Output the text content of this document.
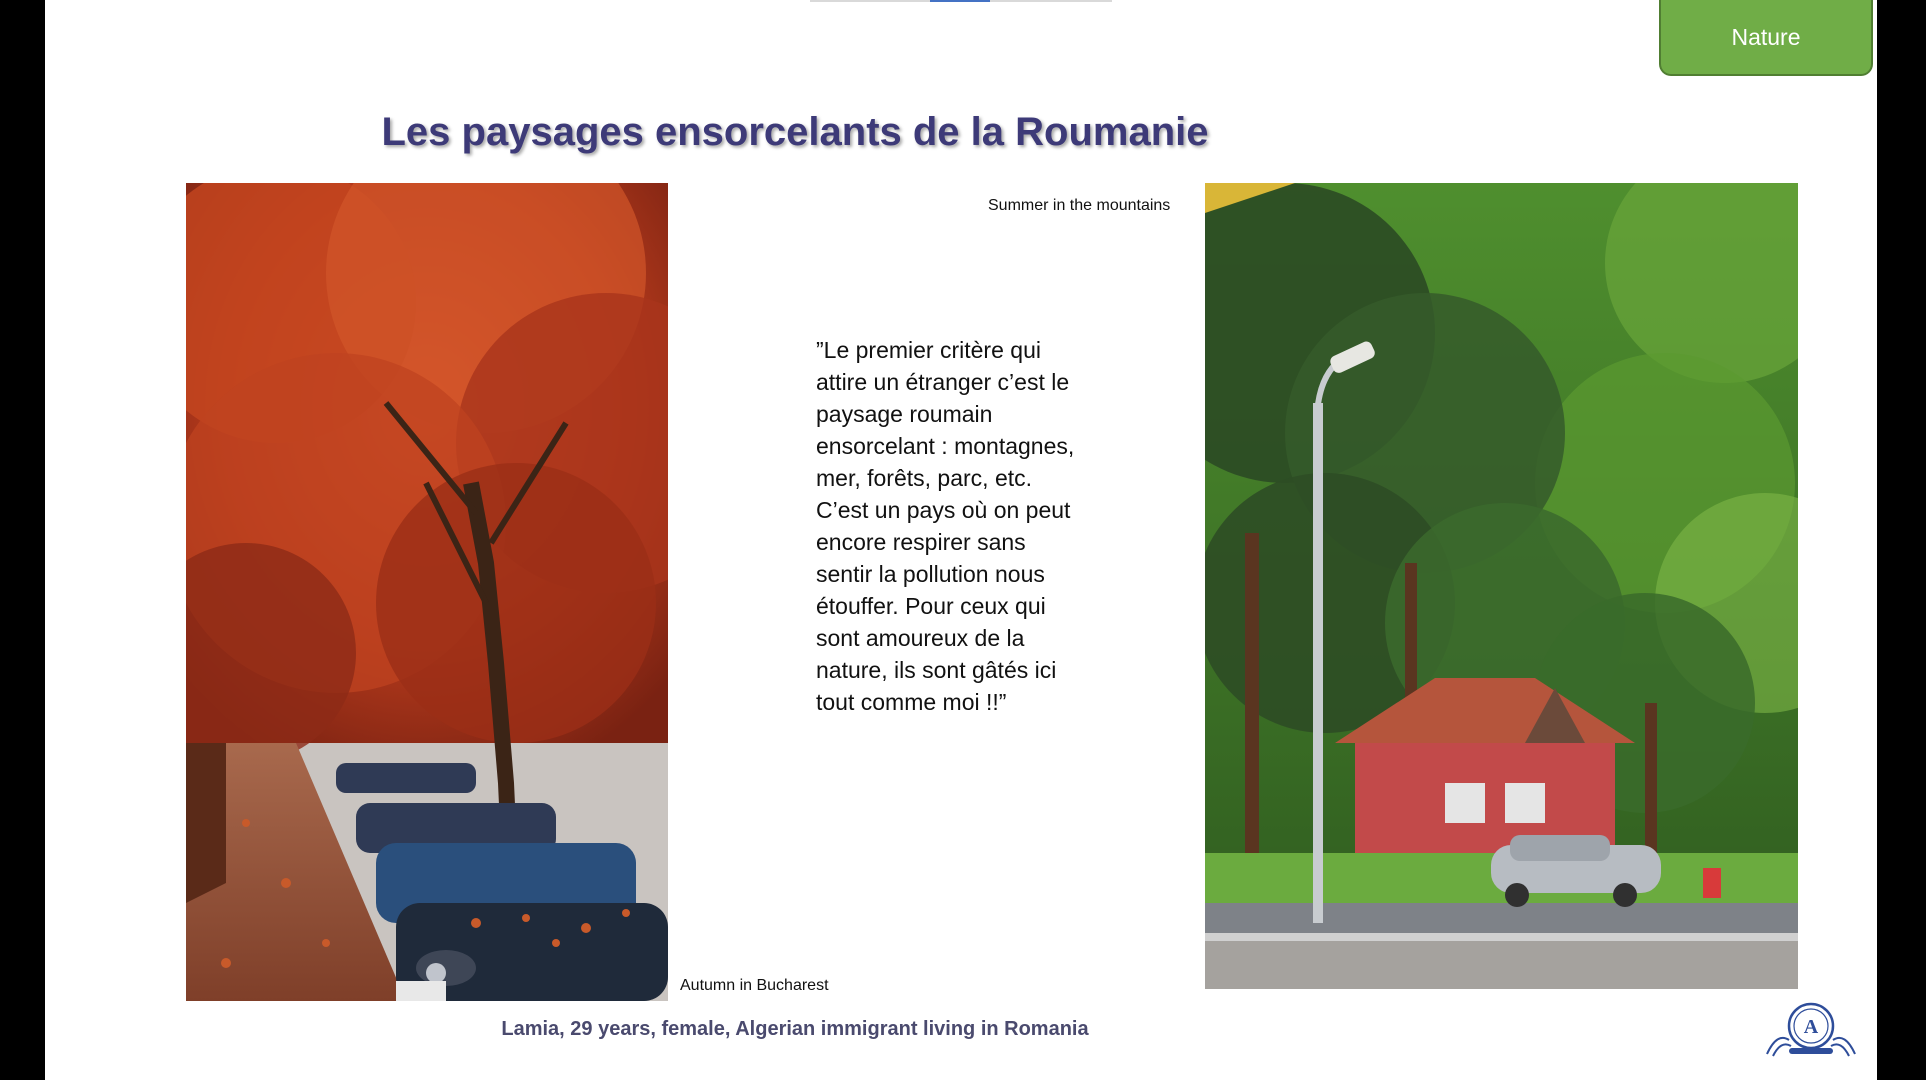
Nature
Les paysages ensorcelants de la Roumanie
Autumn in Bucharest
Summer in the mountains

”Le premier critère qui
attire un étranger c’est le
paysage roumain
ensorcelant : montagnes,
mer, forêts, parc, etc.
C’est un pays où on peut
encore respirer sans
sentir la pollution nous
étouffer. Pour ceux qui
sont amoureux de la
nature, ils sont gâtés ici
tout comme moi !!”

Lamia, 29 years, female, Algerian immigrant living in Romania	A
